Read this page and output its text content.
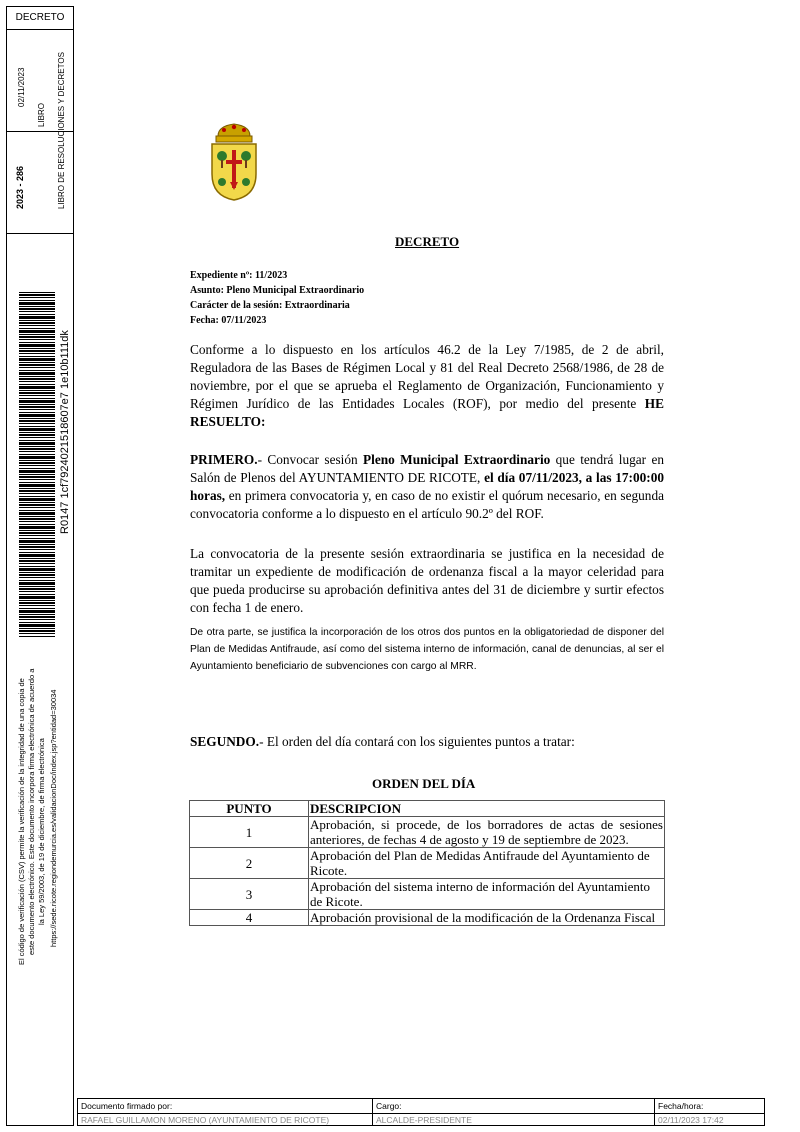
DECRETO
02/11/2023
2023 - 286
LIBRO LIBRO DE RESOLUCIONES Y DECRETOS
R0147 1cf7924021518607e7 1e10b111dk
El código de verificación (CSV) permite la verificación de la integridad de una copia de este documento electrónico. Este documento incorpora firma electrónica de acuerdo a la Ley 59/2003, de 19 de diciembre, de firma electrónica https://sede.ricote.regiondemurcia.es/validacionDoc/index.jsp?entidad=30034
DECRETO
Expediente nº: 11/2023
Asunto: Pleno Municipal Extraordinario
Carácter de la sesión: Extraordinaria
Fecha: 07/11/2023
Conforme a lo dispuesto en los artículos 46.2 de la Ley 7/1985, de 2 de abril, Reguladora de las Bases de Régimen Local y 81 del Real Decreto 2568/1986, de 28 de noviembre, por el que se aprueba el Reglamento de Organización, Funcionamiento y Régimen Jurídico de las Entidades Locales (ROF), por medio del presente HE RESUELTO:
PRIMERO.- Convocar sesión Pleno Municipal Extraordinario que tendrá lugar en Salón de Plenos del AYUNTAMIENTO DE RICOTE, el día 07/11/2023, a las 17:00:00 horas, en primera convocatoria y, en caso de no existir el quórum necesario, en segunda convocatoria conforme a lo dispuesto en el artículo 90.2º del ROF.
La convocatoria de la presente sesión extraordinaria se justifica en la necesidad de tramitar un expediente de modificación de ordenanza fiscal a la mayor celeridad para que pueda producirse su aprobación definitiva antes del 31 de diciembre y surtir efectos con fecha 1 de enero.
De otra parte, se justifica la incorporación de los otros dos puntos en la obligatoriedad de disponer del Plan de Medidas Antifraude, así como del sistema interno de información, canal de denuncias, al ser el Ayuntamiento beneficiario de subvenciones con cargo al MRR.
SEGUNDO.- El orden del día contará con los siguientes puntos a tratar:
ORDEN DEL DÍA
PUNTO	DESCRIPCION
1	Aprobación, si procede, de los borradores de actas de sesiones anteriores, de fechas 4 de agosto y 19 de septiembre de 2023.
2	Aprobación del Plan de Medidas Antifraude del Ayuntamiento de Ricote.
3	Aprobación del sistema interno de información del Ayuntamiento de Ricote.
4	Aprobación provisional de la modificación de la Ordenanza Fiscal
Documento firmado por:
RAFAEL GUILLAMON MORENO (AYUNTAMIENTO DE RICOTE)
Cargo:
ALCALDE-PRESIDENTE
Fecha/hora:
02/11/2023 17:42
